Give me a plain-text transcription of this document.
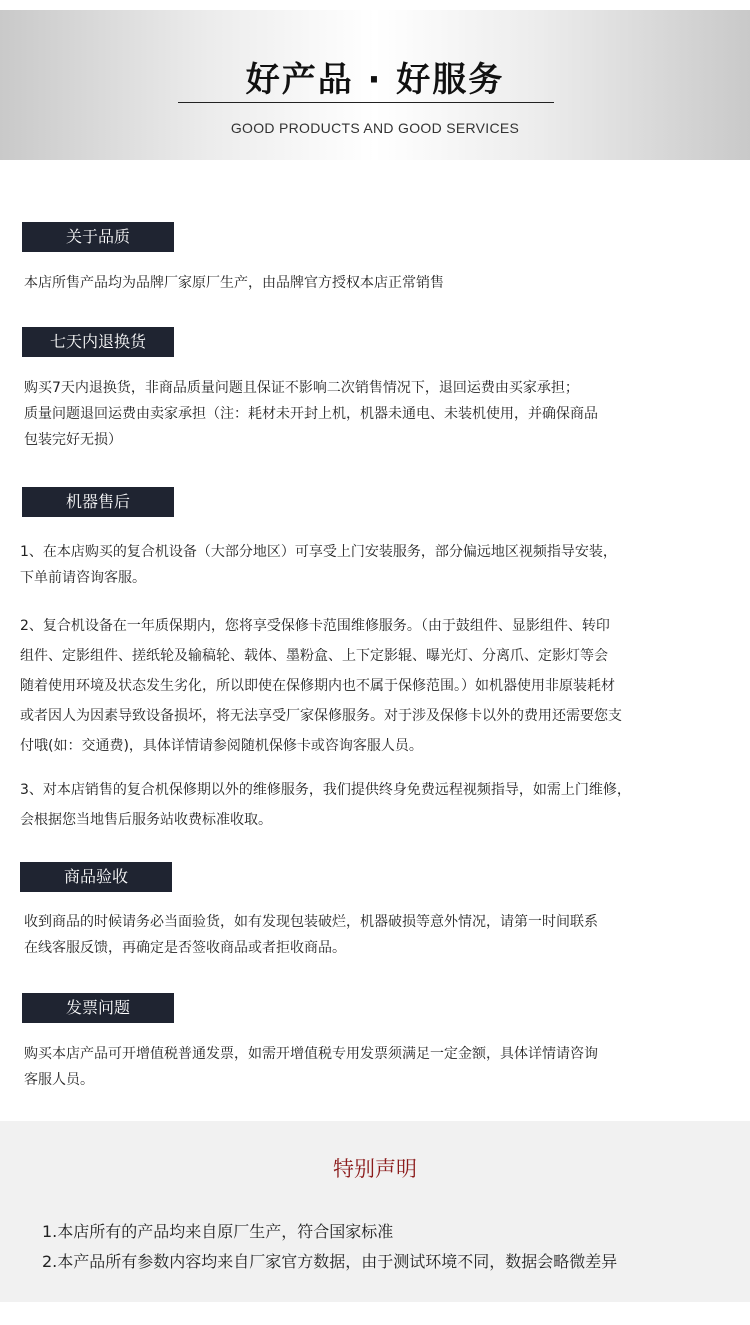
好产品 · 好服务
GOOD PRODUCTS AND GOOD SERVICES
关于品质

本店所售产品均为品牌厂家原厂生产，由品牌官方授权本店正常销售

七天内退换货

购买7天内退换货，非商品质量问题且保证不影响二次销售情况下，退回运费由买家承担；
质量问题退回运费由卖家承担（注：耗材未开封上机，机器未通电、未装机使用，并确保商品
包装完好无损）

机器售后

1、在本店购买的复合机设备（大部分地区）可享受上门安装服务，部分偏远地区视频指导安装，
下单前请咨询客服。

2、复合机设备在一年质保期内，您将享受保修卡范围维修服务。（由于鼓组件、显影组件、转印
组件、定影组件、搓纸轮及输稿轮、载体、墨粉盒、上下定影辊、曝光灯、分离爪、定影灯等会
随着使用环境及状态发生劣化，所以即使在保修期内也不属于保修范围。）如机器使用非原装耗材
或者因人为因素导致设备损坏，将无法享受厂家保修服务。对于涉及保修卡以外的费用还需要您支
付哦(如：交通费)，具体详情请参阅随机保修卡或咨询客服人员。

3、对本店销售的复合机保修期以外的维修服务，我们提供终身免费远程视频指导，如需上门维修，
会根据您当地售后服务站收费标准收取。

商品验收

收到商品的时候请务必当面验货，如有发现包装破烂，机器破损等意外情况，请第一时间联系
在线客服反馈，再确定是否签收商品或者拒收商品。

发票问题

购买本店产品可开增值税普通发票，如需开增值税专用发票须满足一定金额，具体详情请咨询
客服人员。

特别声明
1.本店所有的产品均来自原厂生产，符合国家标准
2.本产品所有参数内容均来自厂家官方数据，由于测试环境不同，数据会略微差异
